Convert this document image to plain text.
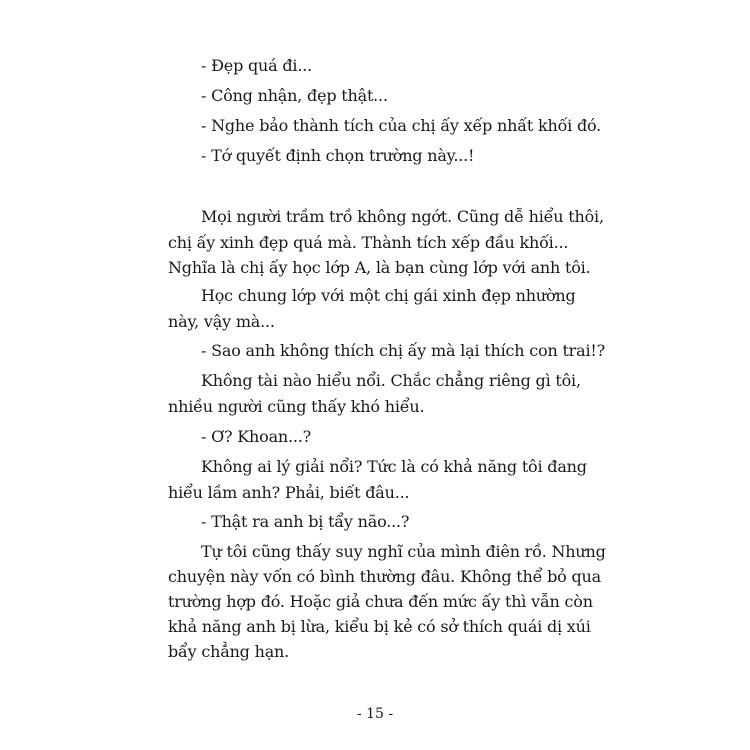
- Đẹp quá đi...
- Công nhận, đẹp thật...
- Nghe bảo thành tích của chị ấy xếp nhất khối đó.
- Tớ quyết định chọn trường này...!
Mọi người trầm trồ không ngớt. Cũng dễ hiểu thôi,
chị ấy xinh đẹp quá mà. Thành tích xếp đầu khối...
Nghĩa là chị ấy học lớp A, là bạn cùng lớp với anh tôi.
Học chung lớp với một chị gái xinh đẹp nhường
này, vậy mà...
- Sao anh không thích chị ấy mà lại thích con trai!?
Không tài nào hiểu nổi. Chắc chẳng riêng gì tôi,
nhiều người cũng thấy khó hiểu.
- Ơ? Khoan...?
Không ai lý giải nổi? Tức là có khả năng tôi đang
hiểu lầm anh? Phải, biết đâu...
- Thật ra anh bị tẩy não...?
Tự tôi cũng thấy suy nghĩ của mình điên rồ. Nhưng
chuyện này vốn có bình thường đâu. Không thể bỏ qua
trường hợp đó. Hoặc giả chưa đến mức ấy thì vẫn còn
khả năng anh bị lừa, kiểu bị kẻ có sở thích quái dị xúi
bẩy chẳng hạn.
- 15 -
